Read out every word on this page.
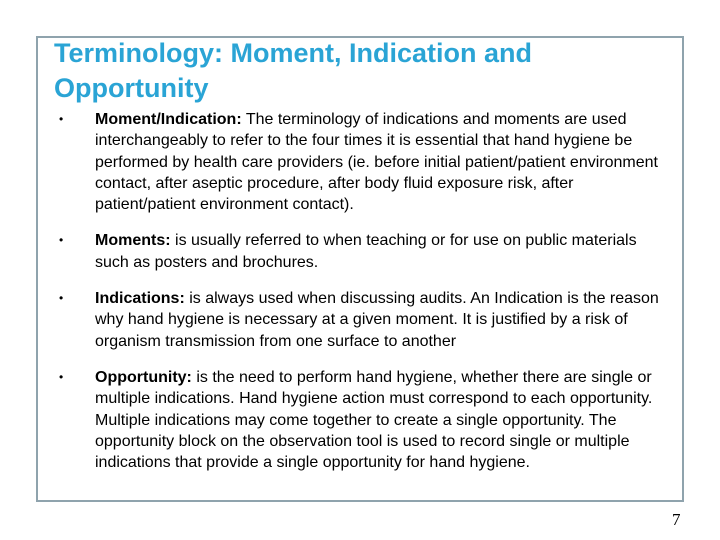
Terminology: Moment, Indication and Opportunity
• Moment/Indication: The terminology of indications and moments are used interchangeably to refer to the four times it is essential that hand hygiene be performed by health care providers (ie. before initial patient/patient environment contact, after aseptic procedure, after body fluid exposure risk, after patient/patient environment contact).
• Moments: is usually referred to when teaching or for use on public materials such as posters and brochures.
• Indications: is always used when discussing audits. An Indication is the reason why hand hygiene is necessary at a given moment. It is justified by a risk of organism transmission from one surface to another
• Opportunity: is the need to perform hand hygiene, whether there are single or multiple indications. Hand hygiene action must correspond to each opportunity. Multiple indications may come together to create a single opportunity. The opportunity block on the observation tool is used to record single or multiple indications that provide a single opportunity for hand hygiene.
7
